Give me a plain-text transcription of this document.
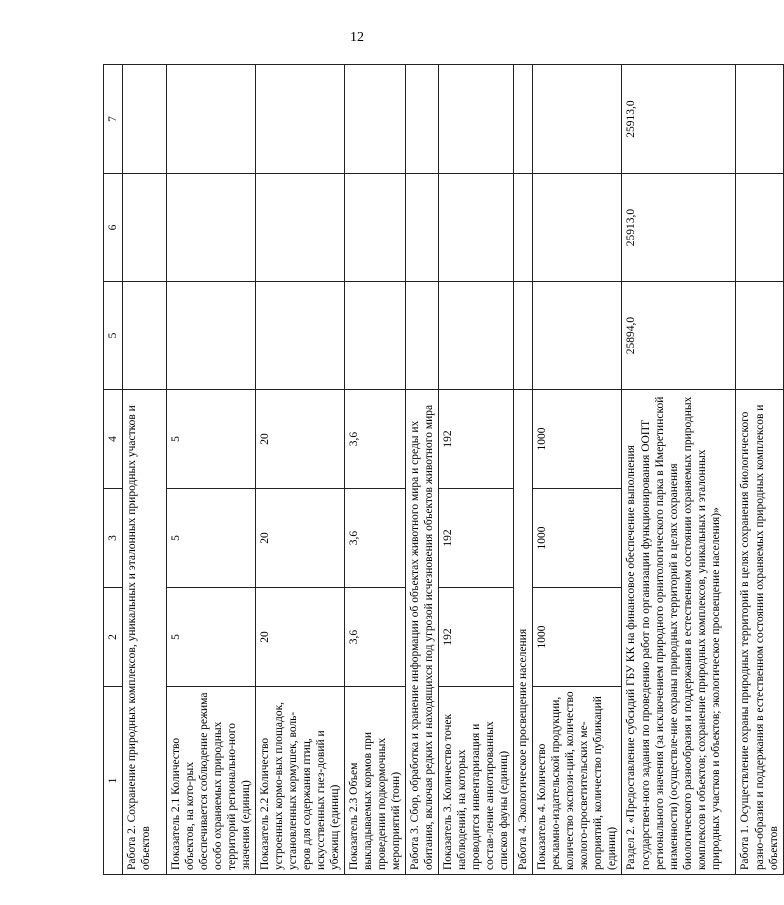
12
1	2	3	4	5	6	7
Работа 2. Сохранение природных комплексов, уникальных и эталонных природных участков и объектов						
Показатель 2.1 Количество объектов, на кото-рых обеспечивается соблюдение режима особо охраняемых природных территорий регионально-ного значения (единиц)	5	5	5			
Показатель 2.2 Количество устроенных кормо-вых площадок, установленных кормушек, воль-еров для содержания птиц, искусственных гнез-довий и убежищ (единиц)	20	20	20			
Показатель 2.3 Объем выкладываемых кормов при проведении подкормочных мероприятий (тонн)	3,6	3,6	3,6			
Работа 3. Сбор, обработка и хранение информации об объектах животного мира и среды их обитания, включая редких и находящихся под угрозой исчезновения объектов животного мира						
Показатель 3. Количество точек наблюдений, на которых проводится инвентаризация и состав-ление аннотированных списков фауны (единиц)	192	192	192			
Работа 4. Экологическое просвещение населения						
Показатель 4. Количество рекламно-издательской продукции, количество экспози-ций, количество эколого-просветительских ме-роприятий, количество публикаций (единиц)	1000	1000	1000			
Раздел 2. «Предоставление субсидий ГБУ КК на финансовое обеспечение выполнения государствен-ного задания по проведению работ по организации функционирования ООПТ регионального значения (за исключением природного орнитологического парка в Имеретинской низменности) (осуществле-ние охраны природных территорий в целях сохранения биологического разнообразия и поддержания в естественном состоянии охраняемых природных комплексов и объектов; сохранение природных комплексов, уникальных и эталонных природных участков и объектов; экологическое просвещение населения)»				25894,0	25913,0	25913,0
Работа 1. Осуществление охраны природных территорий в целях сохранения биологического разно-образия и поддержания в естественном состоянии охраняемых природных комплексов и объектов						
